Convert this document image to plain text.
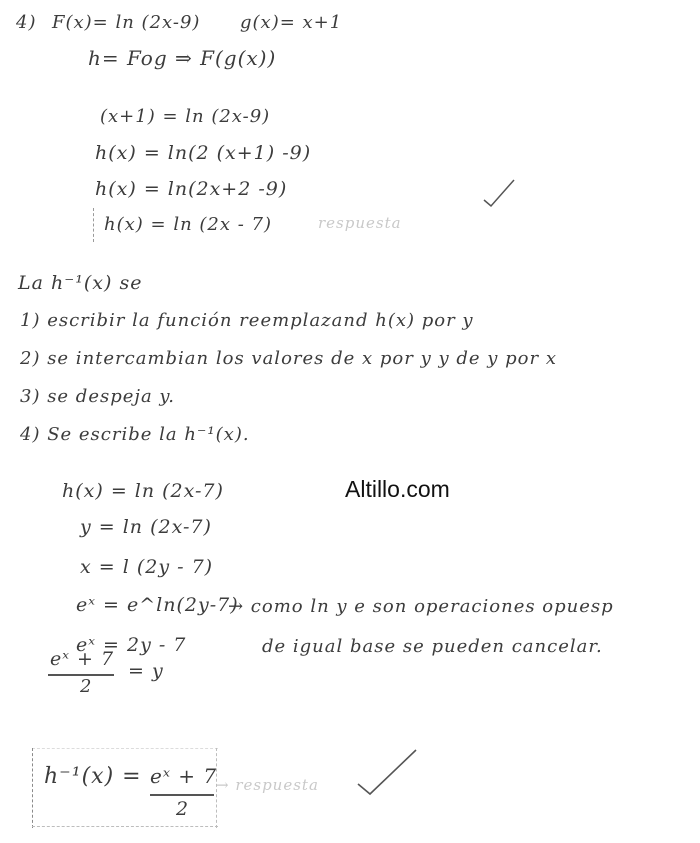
4) F(x)= ln (2x-9) g(x)= x+1
h= Fog ⇒ F(g(x))
(x+1) = ln (2x-9)
h(x) = ln(2 (x+1) -9)
h(x) = ln(2x+2 -9)
h(x) = ln (2x - 7)	respuesta
La h⁻¹(x) se
1) escribir la función reemplazand h(x) por y
2) se intercambian los valores de x por y y de y por x
3) se despeja y.
4) Se escribe la h⁻¹(x).
Altillo.com
h(x) = ln (2x-7)
y = ln (2x-7)
x = l (2y - 7)
eˣ = e^ln(2y-7)
→ como ln y e son operaciones opuesp
eˣ = 2y - 7	de igual base se pueden cancelar.
eˣ + 7
2
= y
h⁻¹(x) = eˣ + 7
2
→ respuesta
